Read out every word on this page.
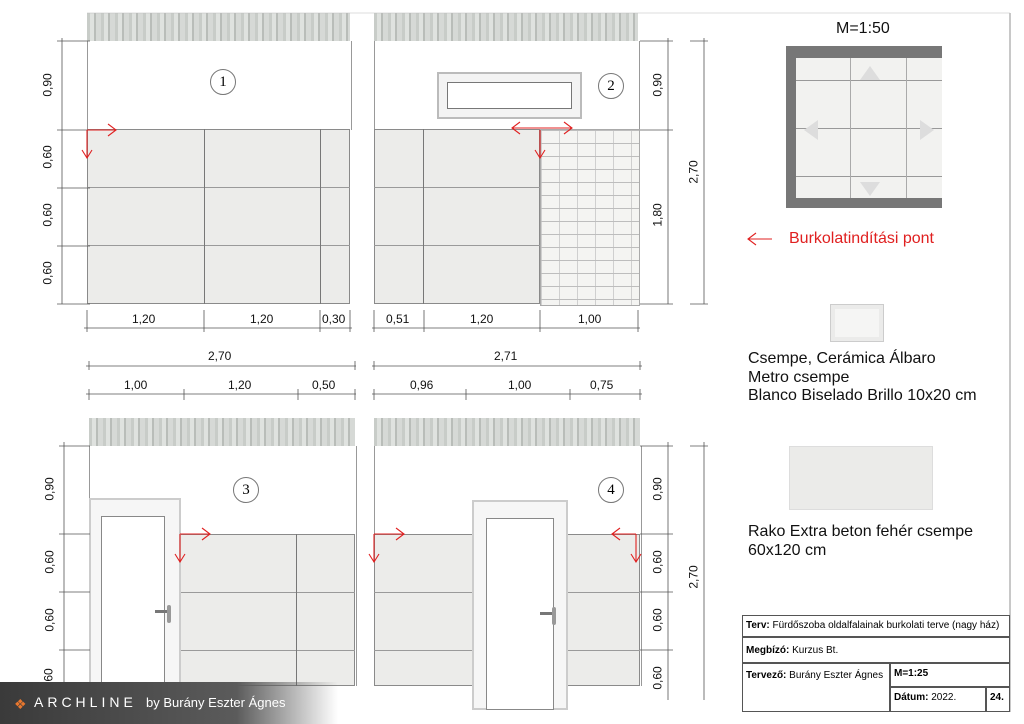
1	2
3	4
0,90
0,60
0,60
0,60
1,20	1,20	0,30
0,90
1,80
2,70
0,51	1,20	1,00
2,70
1,00	1,20	0,50
0,90
0,60
0,60
60
2,71
0,96	1,00	0,75
0,90
0,60
0,60
0,60
2,70
M=1:50
Burkolatindítási pont
Csempe, Cerámica Álbaro
Metro csempe
Blanco Biselado Brillo 10x20 cm
Rako Extra beton fehér csempe
60x120 cm
Terv: Fürdőszoba oldalfalainak burkolati terve (nagy ház)
Megbízó: Kurzus Bt.
Tervező: Burány Eszter Ágnes	M=1:25
Dátum: 2022.	24.
❖ ARCHLINE by Burány Eszter Ágnes
